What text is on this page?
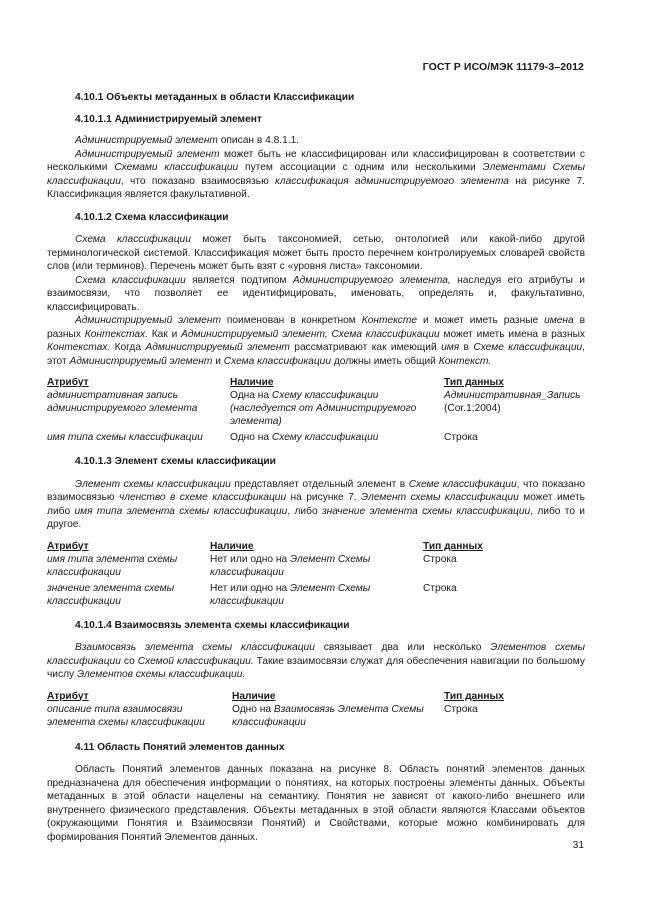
ГОСТ Р ИСО/МЭК 11179-3–2012
4.10.1 Объекты метаданных в области Классификации
4.10.1.1 Администрируемый элемент

Администрируемый элемент описан в 4.8.1.1.

Администрируемый элемент может быть не классифицирован или классифицирован в соответствии с несколькими Схемами классификации путем ассоциации с одним или несколькими Элементами Схемы классификации, что показано взаимосвязью классификация администрируемого элемента на рисунке 7. Классификация является факультативной.

4.10.1.2 Схема классификации

Схема классификации может быть таксономией, сетью, онтологией или какой-либо другой терминологической системой. Классификация может быть просто перечнем контролируемых словарей свойств слов (или терминов). Перечень может быть взят с «уровня листа» таксономии.

Схема классификации является подтипом Администрируемого элемента, наследуя его атрибуты и взаимосвязи, что позволяет ее идентифицировать, именовать, определять и, факультативно, классифицировать.

Администрируемый элемент поименован в конкретном Контексте и может иметь разные имена в разных Контекстах. Как и Администрируемый элемент, Схема классификации может иметь имена в разных Контекстах. Когда Администрируемый элемент рассматривают как имеющий имя в Схеме классификации, этот Администрируемый элемент и Схема классификации должны иметь общий Контекст.

Атрибут	Наличие	Тип данных
административная запись администрируемого элемента	Одна на Схему классификации (наследуется от Администрируемого элемента)	Административная_Запись (Cor.1:2004)
имя типа схемы классификации	Одно на Схему классификации	Строка
4.10.1.3 Элемент схемы классификации

Элемент схемы классификации представляет отдельный элемент в Схеме классификации, что показано взаимосвязью членство в схеме классификации на рисунке 7. Элемент схемы классификации может иметь либо имя типа элемента схемы классификации, либо значение элемента схемы классификации, либо то и другое.

Атрибут	Наличие	Тип данных
имя типа элемента схемы классификации	Нет или одно на Элемент Схемы классификации	Строка
значение элемента схемы классификации	Нет или одно на Элемент Схемы классификации	Строка
4.10.1.4 Взаимосвязь элемента схемы классификации

Взаимосвязь элемента схемы классификации связывает два или несколько Элементов схемы классификации со Схемой классификации. Такие взаимосвязи служат для обеспечения навигации по большому числу Элементов схемы классификации.

Атрибут	Наличие	Тип данных
описание типа взаимосвязи элемента схемы классификации	Одно на Взаимосвязь Элемента Схемы классификации	Строка
4.11 Область Понятий элементов данных

Область Понятий элементов данных показана на рисунке 8. Область понятий элементов данных предназначена для обеспечения информации о понятиях, на которых построены элементы данных. Объекты метаданных в этой области нацелены на семантику. Понятия не зависят от какого-либо внешнего или внутреннего физического представления. Объекты метаданных в этой области являются Классами объектов (окружающими Понятия и Взаимосвязи Понятий) и Свойствами, которые можно комбинировать для формирования Понятий Элементов данных.

31
